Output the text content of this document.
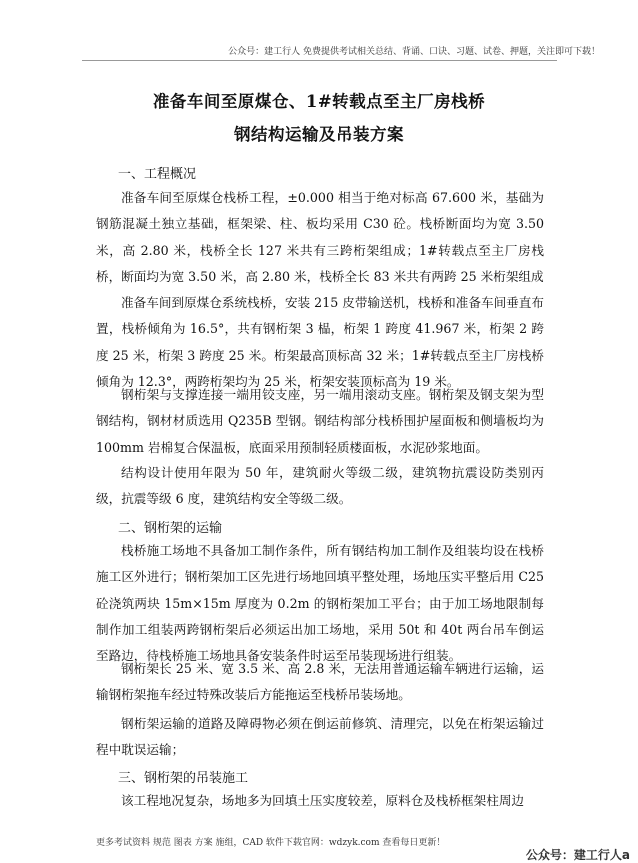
公众号：建工行人 免费提供考试相关总结、背诵、口诀、习题、试卷、押题，关注即可下载！
准备车间至原煤仓、1#转载点至主厂房栈桥
钢结构运输及吊装方案
一、工程概况
准备车间至原煤仓栈桥工程，±0.000 相当于绝对标高 67.600 米，基础为钢筋混凝土独立基础，框架梁、柱、板均采用 C30 砼。栈桥断面均为宽 3.50 米，高 2.80 米，栈桥全长 127 米共有三跨桁架组成；1#转载点至主厂房栈桥，断面均为宽 3.50 米，高 2.80 米，栈桥全长 83 米共有两跨 25 米桁架组成
准备车间到原煤仓系统栈桥，安装 215 皮带输送机，栈桥和准备车间垂直布置，栈桥倾角为 16.5°，共有钢桁架 3 榀，桁架 1 跨度 41.967 米，桁架 2 跨度 25 米，桁架 3 跨度 25 米。桁架最高顶标高 32 米；1#转载点至主厂房栈桥倾角为 12.3°，两跨桁架均为 25 米，桁架安装顶标高为 19 米。
钢桁架与支撑连接一端用铰支座，另一端用滚动支座。钢桁架及钢支架为型钢结构，钢材材质选用 Q235B 型钢。钢结构部分栈桥围护屋面板和侧墙板均为 100mm 岩棉复合保温板，底面采用预制轻质楼面板，水泥砂浆地面。
结构设计使用年限为 50 年，建筑耐火等级二级，建筑物抗震设防类别丙级，抗震等级 6 度，建筑结构安全等级二级。
二、钢桁架的运输
栈桥施工场地不具备加工制作条件，所有钢结构加工制作及组装均设在栈桥施工区外进行；钢桁架加工区先进行场地回填平整处理，场地压实平整后用 C25 砼浇筑两块 15m×15m 厚度为 0.2m 的钢桁架加工平台；由于加工场地限制每制作加工组装两跨钢桁架后必须运出加工场地，采用 50t 和 40t 两台吊车倒运至路边，待栈桥施工场地具备安装条件时运至吊装现场进行组装。
钢桁架长 25 米、宽 3.5 米、高 2.8 米，无法用普通运输车辆进行运输，运输钢桁架拖车经过特殊改装后方能拖运至栈桥吊装场地。
钢桁架运输的道路及障碍物必须在倒运前修筑、清理完，以免在桁架运输过程中耽误运输；
三、钢桁架的吊装施工
该工程地况复杂，场地多为回填土压实度较差，原料仓及栈桥框架柱周边
更多考试资料 规范 图表 方案 施组，CAD 软件下载官网：wdzyk.com 查看每日更新！
公众号：建工行人a
